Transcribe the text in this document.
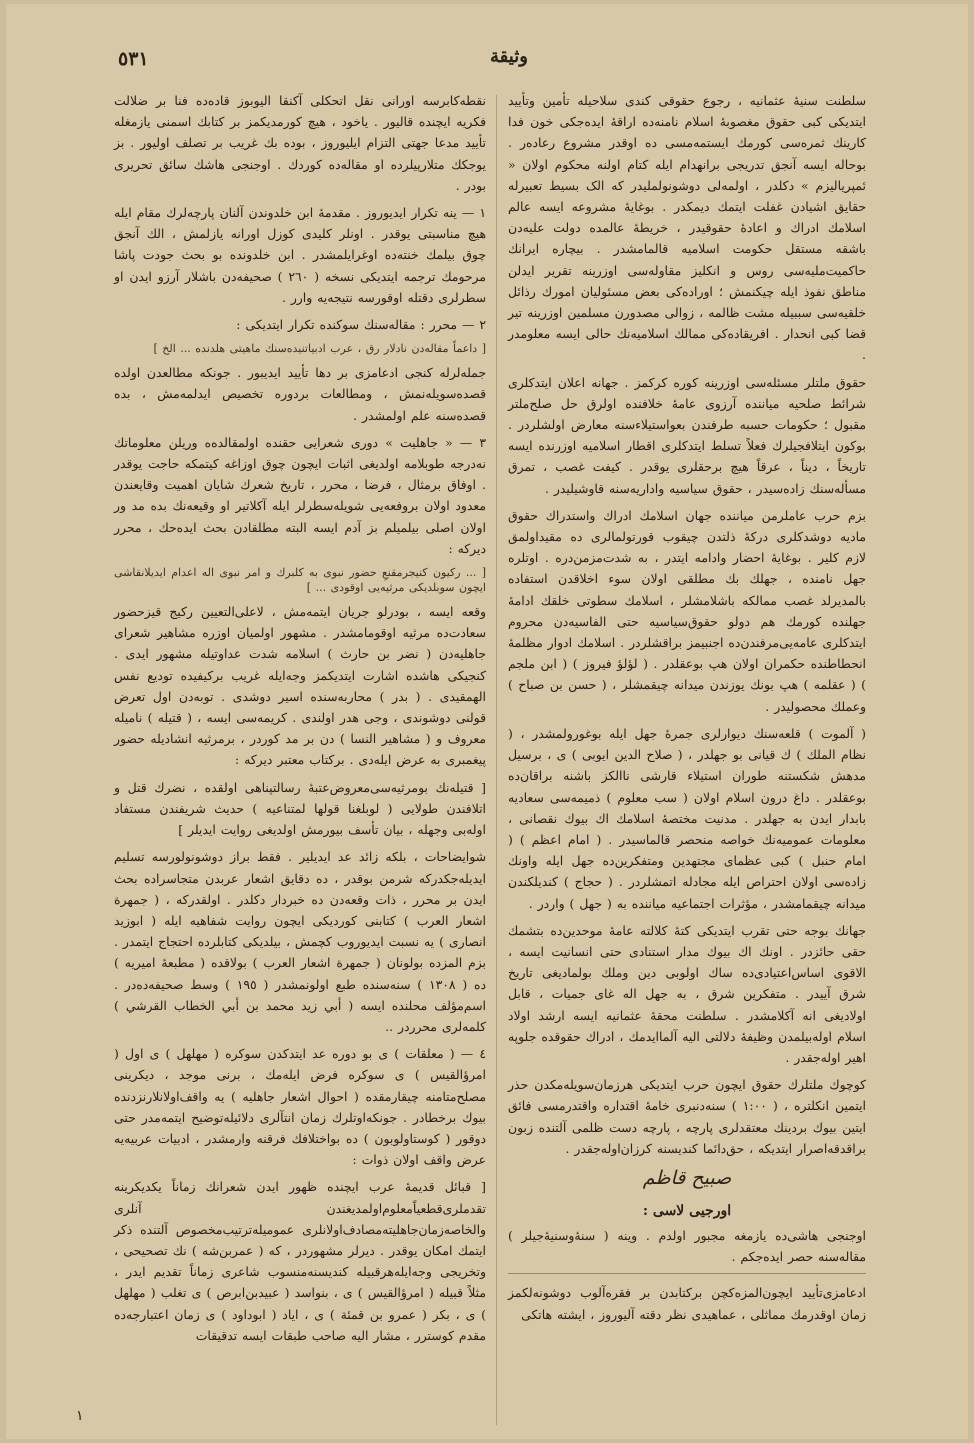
٥٣١	وثيقة

سلطنت سنیهٔ عثمانیه ، رجوع حقوقی کندی سلاحیله تأمین وتأیید ایتدیکی کبی حقوق مغصوبهٔ اسلام نامنه‌ده اراقهٔ ایده‌جکی خون فدا کارینك ثمره‌سی کورمك ایستمه‌مسی ده اوقدر مشروع رعاده‌ر . بوحاله ایسه آنجق تدریجی برانهدام ایله کتام اولنه محکوم اولان « ئمپریالیزم » دکلدر ، اولمه‌لی دوشونولملیدر که الک بسیط تعبیرله حقایق اشیادن غفلت ایتمك دیمکدر . بوغایهٔ مشروعه ایسه عالم اسلامك ادراك و اعادهٔ حقوقیدر ، خریطهٔ عالمده دولت علیه‌دن باشقه مستقل حکومت اسلامیه قالمامشدر . بیچاره ایرانك حاکمیت‌ملیه‌سی روس و انکلیز مقاوله‌سی اوزرینه تقریر ایدلن مناطق نفوذ ایله چیکنمش ؛ اوراده‌کی بعض مسئولیان امورك رذائل خلقیه‌سی سببیله مشت ظالمه ، زوالی مصدورن مسلمین اوزرینه تیر قضا کبی انحدار . افریقاده‌کی ممالك اسلامیه‌نك حالی ایسه معلومدر .

حقوق ملتلر مسئله‌سی اوزرینه کوره کرکمز . جهانه اعلان ایتدکلری شرائط صلحیه میاننده آرزوی عامهٔ خلافنده اولرق حل صلح‌ملتر مقبول ؛ حکومات حسبه طرفندن بعواستیلاءسنه معارض اولشلردر . بوکون ایتلافجیلرك فعلاً تسلط ایتدکلری اقطار اسلامیه اوزرنده ایسه تاریخاً ، دیناً ، عرقاً هیچ برحقلری یوقدر . کیفت غصب ، تمرق مسأله‌سنك زاده‌سیدر ، حقوق سیاسیه واداریه‌سنه قاوشیلیدر .

بزم حرب عاملرمن میاننده جهان اسلامك ادراك واستدراك حقوق مادیه دوشدکلری درکهٔ ذلتدن چیقوب قورتولمالری ده مقیداولمق لازم کلیر . بوغایهٔ احضار وادامه ایتدر ، به شدت‌مزمن‌دره . اوتلره جهل نامنده ، جهلك بك مطلقی اولان سوء اخلاقدن استفاده بالمدیرلد غصب ممالکه باشلامشلر ، اسلامك سطوتی خلقك ادامهٔ جهلنده کورمك هم دولو حقوق‌سیاسیه حتی الفاسیه‌دن محروم ایتدکلری عامه‌یی‌مرفندن‌ده اجنبیمز براقشلردر . اسلامك ادوار مظلمهٔ انحطاطنده حکمران اولان هپ بوعقلدر . ( لؤلؤ فیروز ) ( ابن ملجم ) ( عقلمه ) هپ بونك یوزندن میدانه چیقمشلر ، ( حسن بن صباح ) وعملك محصولیدر .

( آلموت ) قلعه‌سنك دیوارلری جمرهٔ جهل ایله بوغورولمشدر ، ( نظام الملك ) ك قیانی بو جهلدر ، ( صلاح الدین ایوبی ) ی ، برسیل مدهش شکستنه طوران استیلاء قارشی ناالکز باشنه براقان‌ده بوعقلدر . داغ درون اسلام اولان ( سب معلوم ) ذمیمه‌سی سعادیه بابدار ایدن به جهلدر . مدنیت مختصهٔ اسلامك اك بیوك نقصانی ، معلومات عمومیه‌نك خواصه منحصر قالماسیدر . ( امام اعظم ) ( امام حنبل ) کبی عظمای مجتهدین ومتفکرین‌ده جهل ایله واونك زاده‌سی اولان احتراص ایله مجادله اتمشلردر . ( حجاج ) کندیلکندن میدانه چیقمامشدر ، مؤثرات اجتماعیه میاننده به ( جهل ) واردر .

جهانك بوجه حتی تقرب ایتدیکی کتهٔ کلالته عامهٔ موحدین‌ده بتشمك حقی حائزدر . اونك اك بیوك مدار استنادی حتی انسانیت ایسه ، الاقوی اساس‌اعتیادی‌ده ساك اولوبی دین وملك بولمادیغی تاریخ شرق آییدر . متفکرین شرق ، به جهل اله غای جمیات ، قابل اولادیغی انه آکلامشدر . سلطنت محقهٔ عثمانیه ایسه ارشد اولاد اسلام اوله‌بیلمدن وظیفهٔ دلالتی الیه آلماایدمك ، ادراك حقوقده جلوپه اهیر اوله‌جقدر .

کوچوك ملتلرك حقوق ایچون حرب ایتدیکی هرزمان‌سویله‌مکدن حذر ایتمین انکلتره ، ( ١:٠٠ ) سنه‌دنبری خامهٔ اقتداره واقتدرمسی فائق ایتین بیوك بردینك معتقدلری پارچه ، پارچه دست ظلمی آلتنده زبون براقدقه‌اصرار ایتدیکه ، حق‌دائما کندیسنه کرزان‌اوله‌جقدر .

صبیح قاظم
اورجیی لاسی :

اوجنجی هاشی‌ده یازمغه مجبور اولدم . وینه ( سنهٔ‌وسنیهٔ‌جیلر ) مقاله‌سنه حصر ایده‌جکم .

ادعامزی‌تأیید ایچون‌المزه‌کچن برکتابدن بر فقره‌آلوب دوشونه‌لکمز زمان اوقدرمك مماثلی ، عماهیدی نظر دقته آلیوروز ، ایشته هاتکی

نقطه‌کابرسه اورانی نقل اتحکلی آکنقا الیوبوز قاده‌ده فنا بر ضلالت فکریه ایچنده قالیور . یاخود ، هیچ کورمدیکمز بر کتابك اسمنی یازمغله تأیید مدعا جهتی التزام ایلیوروز ، بوده بك غریب بر تصلف اولیور . بز یوجکك متلا‌رپیلرده او مقاله‌ده کوردك . اوجنجی هاشك سائق تحریری بودر .

١ — ینه تکرار ایدیوروز . مقدمهٔ ابن خلدوندن آلنان پارچه‌لرك مقام ایله هیچ مناسبتی یوقدر . اونلر کلیدی کوزل اورانه یازلمش ، الك آنجق چوق بیلمك خنته‌ده اوغرایلمشدر . ابن خلدونده بو بحث جودت پاشا مرحومك ترجمه ایتدیکی نسخه ( ٢٦٠ ) صحیفه‌دن باشلار آرزو ایدن او سطرلری دقتله اوقورسه نتیجه‌یه وارر .

٢ — محرر : مقاله‌سنك سوکنده تکرار ایتدیکی :

[ داعماً مقاله‌دن نادلار رق ، عرب ادبیاتنیده‌سنك ماهیتی هلدنده ... الخ ]

جمله‌لرله کنجی ادعامزی بر دها تأیید ایدیبور . جونکه مطالعدن اولده قصده‌سویله‌نمش ، ومطالعات بردوره تخصیص ایدلمه‌مش ، بده قصده‌سنه علم اولمشدر .

٣ — « جاهلیت » دوری شعرایی حقنده اولمقالده‌ه وریلن معلوماتك نه‌درجه طوبلامه اولدیغی اثبات ایچون چوق اوزاغه کیتمکه حاجت یوقدر . اوفاق برمثال ، فرضا ، محرر ، تاریخ شعرك شایان اهمیت وقایعندن معدود اولان بروفعه‌یی شویله‌سطرلر ایله آکلاتیر او وقیعه‌نك بده مد ور اولان اصلی بیلمیلم بز آدم ایسه البته مطلقادن بحث ایده‌حك ، محرر دیرکه :

[ ... رکیون کنیجرمقنعِ حضور نبوی به کلبرك و امر نبوی اله اعدام ایدیلانقاشی ایچون سوبلدیکی مرثیه‌یی اوقودی ... ]

وقعه ایسه ، بودرلو جریان ایتمه‌مش ، لاعلی‌التعیین رکیج قیز‌حضور سعادت‌ده مرثیه اوقومامشدر . مشهور اولمیان اوزره مشاهیر شعرای جاهلیه‌دن ( نضر بن حارث ) اسلامه شدت عداوتیله مشهور ایدی . کنجیکی هاشده اشارت ایتدیکمز وجه‌ایله غریب برکیفیده تودیع نفس الهمقیدی . ( بدر ) محاربه‌سنده اسیر دوشدی . توبه‌دن اول تعرض قولنی دوشوندی ، وجی هدر اولندی . کریمه‌سی ایسه ، ( قتیله ) نامیله معروف و ( مشاهیر النسا ) دن بر مد کوردر ، برمرثیه انشادیله حضور پیغمبری به عرض ایله‌دی . برکتاب معتبر دیرکه :

[ قتیله‌نك بومرثیه‌سی‌معروض‌عتبهٔ رسالتپناهی اولقده ، نضرك قتل و اتلافندن طولایی ( لوبلغنا قولها لمتناعیه ) حدیث شریفندن مستفاد اوله‌بی وجهله ، بیان تأسف بیورمش اولدیغی روایت ایدیلر ]

شوایضاحات ، بلکه زائد عد ایدیلیر . فقط براز دوشونولورسه تسلیم ایدیله‌جکدرکه شرمن بوقدر ، ده دقایق اشعار عربدن متجاسراده بحث ایدن بر محرر ، ذات وقعه‌دن ده خبردار دکلدر . اولقدرکه ، ( جمهرة اشعار العرب ) کتابنی کوردیکی ایچون روایت شفاهیه ایله ( ابوزید انصاری ) یه نسبت ایدیوروب کچمش ، بیلدیکی کتابلرده احتجاج ایتمدر . بزم المزده بولونان ( جمهرة اشعار العرب ) بولاقده ( مطبعهٔ امیریه ) ده ( ١٣٠٨ ) سنه‌سنده طبع اولونمشدر ( ١٩٥ ) وسط صحیفه‌ده‌در . اسم‌مؤلف محلنده ایسه ( أبي زيد محمد بن أبي الخطاب القرشي ) کلمه‌لری محرردر ..

٤ — ( معلقات ) ی بو دوره عد ایتدکدن سوکره ( مهلهل ) ی اول ( امرؤالقیس ) ی سوکره فرض ایله‌مك ، برنی موجد ، دیکرینی مصلح‌متامنه چیقارمقده ( احوال اشعار جاهلیه ) یه واقف‌اولانلارنزدنده بیوك برخطادر . جونکه‌اوتلرك زمان انتآلری دلائیله‌توضیح ایتمه‌مدر حتی دوقور ( کوستاو‌لوبون ) ده بواختلافك فرقنه وارمشدر ، ادبیات عربیه‌یه عرض واقف اولان ذوات :

[ قبائل قدیمهٔ عرب ایچنده ظهور ایدن شعرانك زماناً یکدیکرینه تقدملری‌قطعیاً‌معلوم‌اولمدیغندن آنلری والخاصه‌زمان‌جاهلیته‌مصادف‌اولانلری عمومیله‌ترتیب‌مخصوص آلتنده ذکر ایتمك امکان یوقدر . دیرلر مشهوردر ، که ( عمربن‌شه ) نك تصحیحی ، وتخریجی وجه‌ایله‌هرقبیله کندیسنه‌منسوب شاعری زماناً تقدیم ایدر ، مثلاً قبیله ( امرؤالقیس ) ی ، بنواسد ( عبیدبن‌ابرص ) ی تغلب ( مهلهل ) ی ، بکر ( عمرو بن قمئة ) ی ، ایاد ( ابوداود ) ی زمان اعتبارجه‌ده مقدم کوسترر ، مشار الیه صاحب طبقات ایسه تدقیقات

١
